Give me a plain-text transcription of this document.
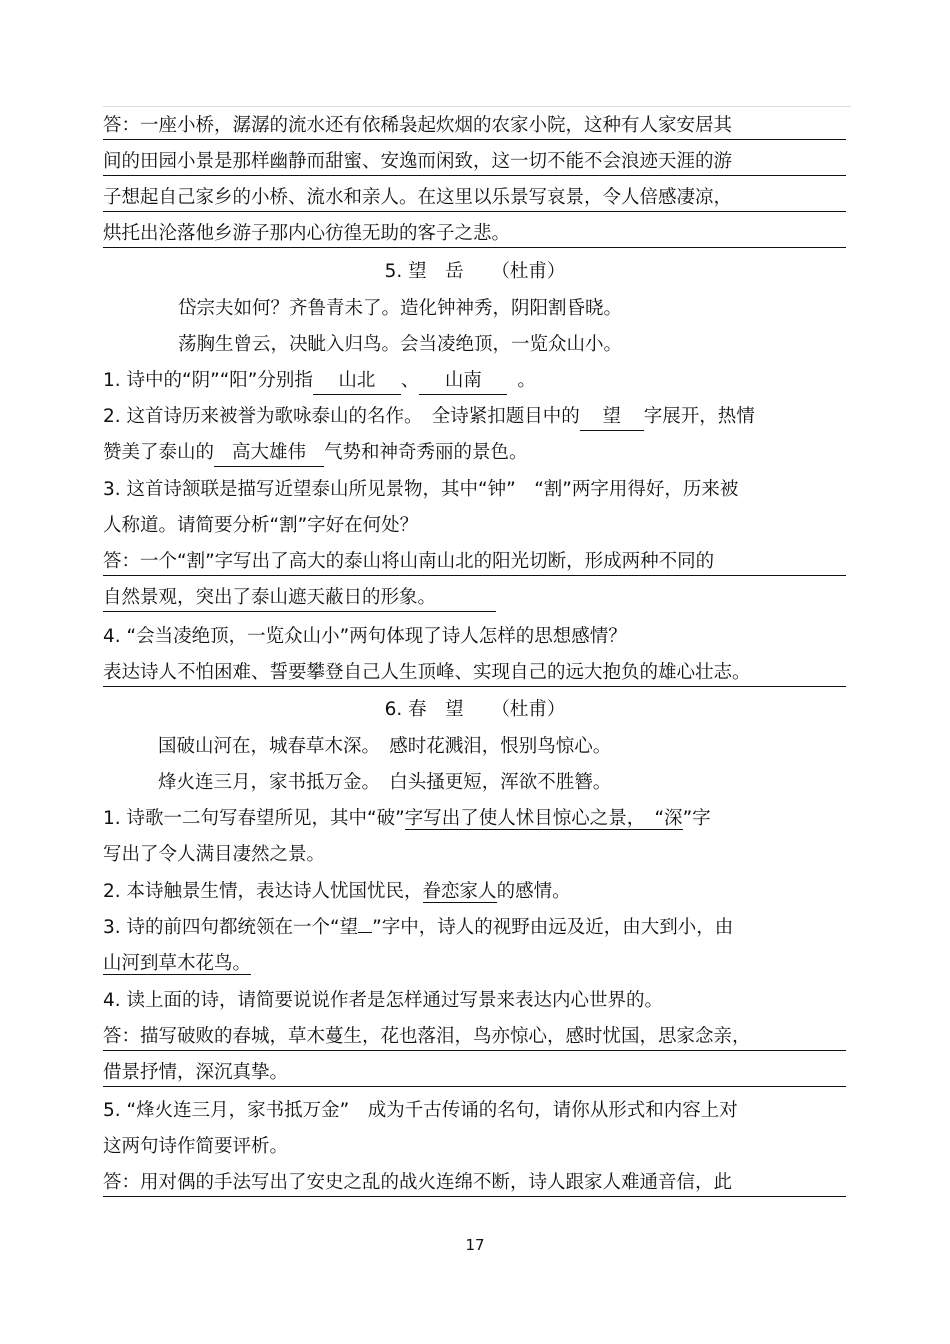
答：一座小桥，潺潺的流水还有依稀袅起炊烟的农家小院，这种有人家安居其
间的田园小景是那样幽静而甜蜜、安逸而闲致，这一切不能不会浪迹天涯的游
子想起自己家乡的小桥、流水和亲人。在这里以乐景写哀景，令人倍感凄凉，
烘托出沦落他乡游子那内心彷徨无助的客子之悲。
5. 望　岳　　（杜甫）
岱宗夫如何？齐鲁青未了。造化钟神秀，阴阳割昏晓。
荡胸生曾云，决眦入归鸟。会当凌绝顶，一览众山小。
1. 诗中的“阴”“阳”分别指 山北 、 山南 。
2. 这首诗历来被誉为歌咏泰山的名作。　全诗紧扣题目中的 望 字展开，热情
赞美了泰山的 高大雄伟 气势和神奇秀丽的景色。
3. 这首诗颔联是描写近望泰山所见景物，其中“钟”　“割”两字用得好，历来被
人称道。请简要分析“割”字好在何处？
答：一个“割”字写出了高大的泰山将山南山北的阳光切断，形成两种不同的
自然景观，突出了泰山遮天蔽日的形象。
4. “会当凌绝顶，一览众山小”两句体现了诗人怎样的思想感情？
表达诗人不怕困难、誓要攀登自己人生顶峰、实现自己的远大抱负的雄心壮志。
6. 春　望　　（杜甫）
国破山河在，城春草木深。　感时花溅泪，恨别鸟惊心。
烽火连三月，家书抵万金。　白头搔更短，浑欲不胜簪。
1. 诗歌一二句写春望所见，其中“破”字写出了使人怵目惊心之景，　“深”字
写出了令人满目凄然之景。
2. 本诗触景生情，表达诗人忧国忧民，眷恋家人的感情。
3. 诗的前四句都统领在一个“望 ”字中，诗人的视野由远及近，由大到小，由
山河到草木花鸟。
4. 读上面的诗，请简要说说作者是怎样通过写景来表达内心世界的。
答：描写破败的春城，草木蔓生，花也落泪，鸟亦惊心，感时忧国，思家念亲，
借景抒情，深沉真挚。
5. “烽火连三月，家书抵万金”　成为千古传诵的名句，请你从形式和内容上对
这两句诗作简要评析。
答：用对偶的手法写出了安史之乱的战火连绵不断，诗人跟家人难通音信，此
17
